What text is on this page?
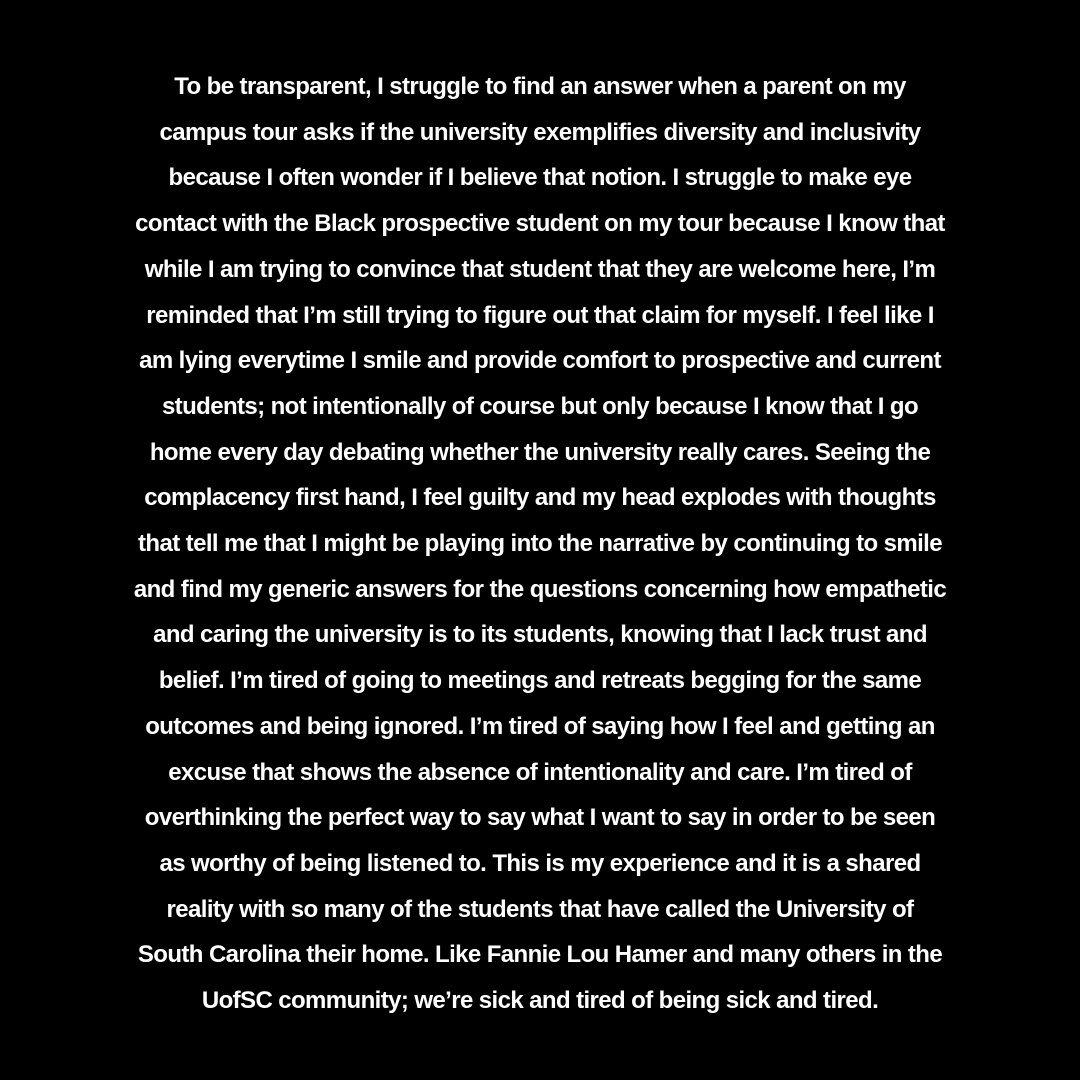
To be transparent, I struggle to find an answer when a parent on my
campus tour asks if the university exemplifies diversity and inclusivity
because I often wonder if I believe that notion. I struggle to make eye
contact with the Black prospective student on my tour because I know that
while I am trying to convince that student that they are welcome here, I’m
reminded that I’m still trying to figure out that claim for myself. I feel like I
am lying everytime I smile and provide comfort to prospective and current
students; not intentionally of course but only because I know that I go
home every day debating whether the university really cares. Seeing the
complacency first hand, I feel guilty and my head explodes with thoughts
that tell me that I might be playing into the narrative by continuing to smile
and find my generic answers for the questions concerning how empathetic
and caring the university is to its students, knowing that I lack trust and
belief. I’m tired of going to meetings and retreats begging for the same
outcomes and being ignored. I’m tired of saying how I feel and getting an
excuse that shows the absence of intentionality and care. I’m tired of
overthinking the perfect way to say what I want to say in order to be seen
as worthy of being listened to. This is my experience and it is a shared
reality with so many of the students that have called the University of
South Carolina their home. Like Fannie Lou Hamer and many others in the
UofSC community; we’re sick and tired of being sick and tired.
